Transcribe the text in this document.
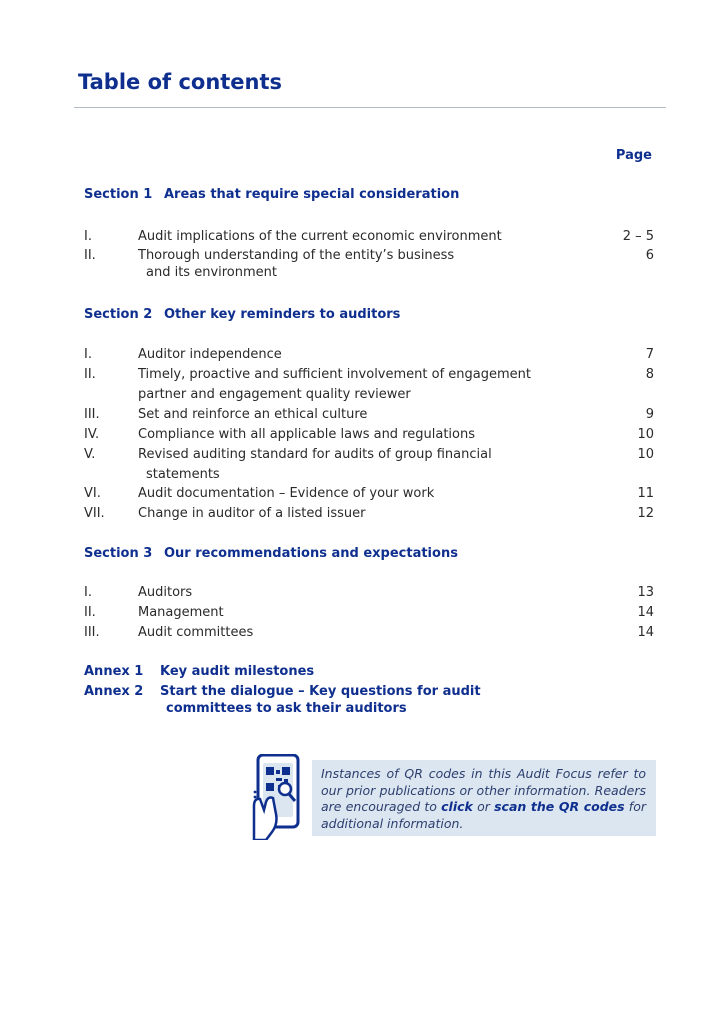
Table of contents
Page
Section 1 Areas that require special consideration
I.	Audit implications of the current economic environment	2 – 5
II.	Thorough understanding of the entity’s business	6
and its environment
Section 2 Other key reminders to auditors
I.	Auditor independence	7
II.	Timely, proactive and sufficient involvement of engagement	8
partner and engagement quality reviewer
III.	Set and reinforce an ethical culture	9
IV.	Compliance with all applicable laws and regulations	10
V.	Revised auditing standard for audits of group financial	10
statements
VI.	Audit documentation – Evidence of your work	11
VII.	Change in auditor of a listed issuer	12
Section 3 Our recommendations and expectations
I.	Auditors	13
II.	Management	14
III.	Audit committees	14
Annex 1 Key audit milestones
Annex 2 Start the dialogue – Key questions for audit
committees to ask their auditors

Instances of QR codes in this Audit Focus refer to our prior publications or other information. Readers are encouraged to click or scan the QR codes for additional information.
